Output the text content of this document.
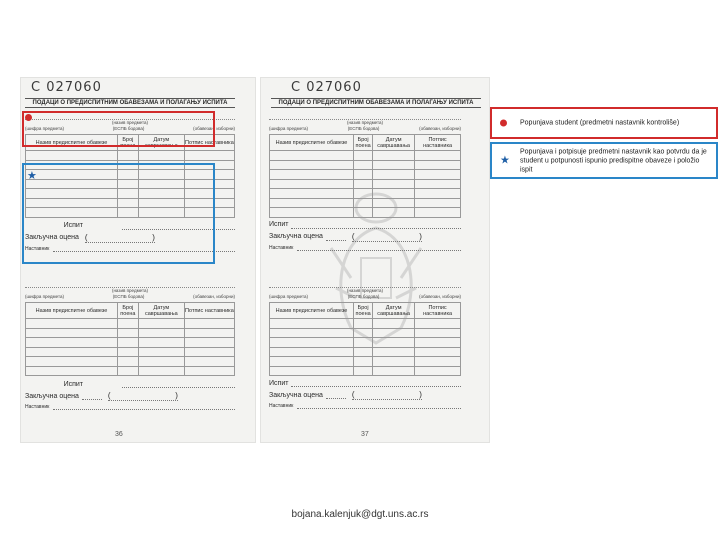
C 027060
ПОДАЦИ О ПРЕДИСПИТНИМ ОБАВЕЗАМА И ПОЛАГАЊУ ИСПИТА
(назив предмета)
(шифра предмета)	(ЕСПБ бодова)	(обавезан, изборни)
Назив предиспитне обавезе	Број поена	Датум савршавања	Потпис наставника

Испит
Закључна оцена (	)
Наставник
(назив предмета)
(шифра предмета)	(ЕСПБ бодова)	(обавезан, изборни)
Назив предиспитне обавезе	Број поена	Датум савршавања	Потпис наставника

Испит
Закључна оцена	(	)
Наставник
36
C 027060
ПОДАЦИ О ПРЕДИСПИТНИМ ОБАВЕЗАМА И ПОЛАГАЊУ ИСПИТА
(назив предмета)
(шифра предмета)	(ЕСПБ бодова)	(обавезан, изборни)
Назив предиспитне обавезе	Број поена	Датум савршавања	Потпис наставника

Испит
Закључна оцена	(	)
Наставник
(назив предмета)
(шифра предмета)	(ЕСПБ бодова)	(обавезан, изборни)
Назив предиспитне обавезе	Број поена	Датум савршавања	Потпис наставника

Испит
Закључна оцена	(	)
Наставник
37
★
Popunjava student (predmetni nastavnik kontroliše)
★
Popunjava i potpisuje predmetni nastavnik kao potvrdu da je student u potpunosti ispunio predispitne obaveze i položio ispit
bojana.kalenjuk@dgt.uns.ac.rs
